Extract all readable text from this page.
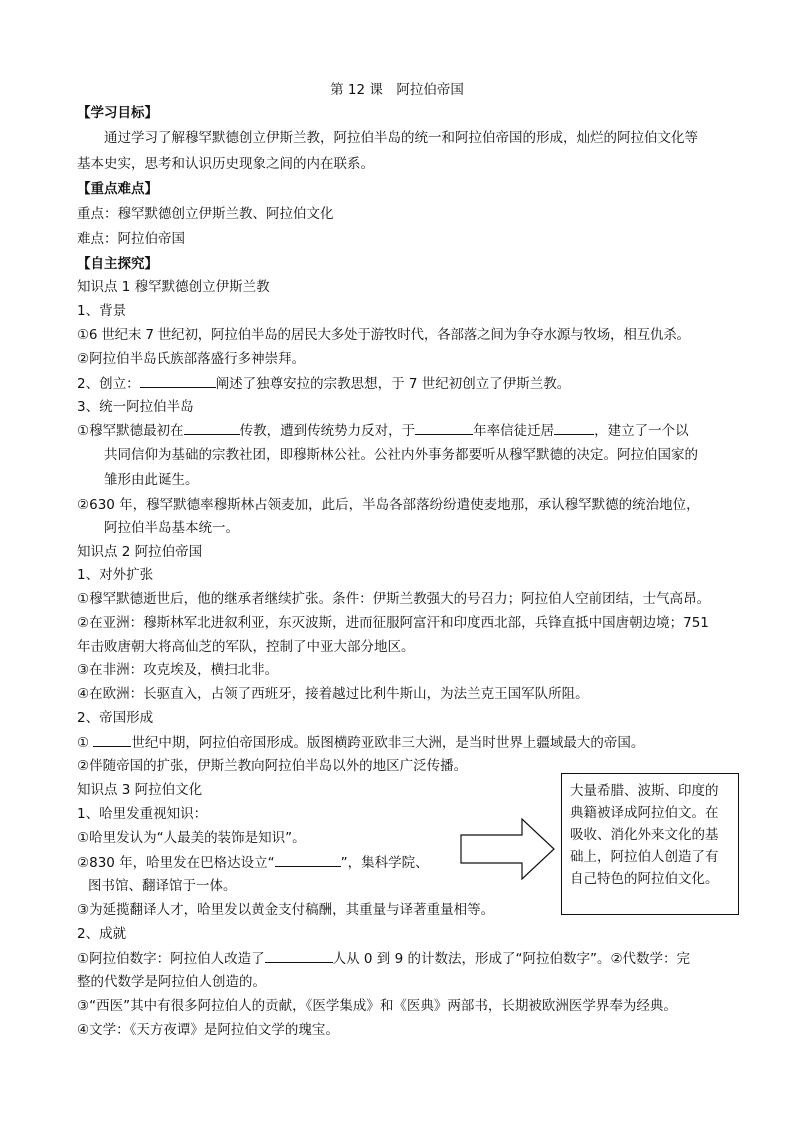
第 12 课　阿拉伯帝国
【学习目标】
通过学习了解穆罕默德创立伊斯兰教，阿拉伯半岛的统一和阿拉伯帝国的形成，灿烂的阿拉伯文化等
基本史实，思考和认识历史现象之间的内在联系。
【重点难点】
重点：穆罕默德创立伊斯兰教、阿拉伯文化
难点：阿拉伯帝国
【自主探究】
知识点 1 穆罕默德创立伊斯兰教
1、背景
①6 世纪末 7 世纪初，阿拉伯半岛的居民大多处于游牧时代，各部落之间为争夺水源与牧场，相互仇杀。
②阿拉伯半岛氏族部落盛行多神崇拜。
2、创立：	阐述了独尊安拉的宗教思想，于 7 世纪初创立了伊斯兰教。
3、统一阿拉伯半岛
①穆罕默德最初在	传教，遭到传统势力反对，于	年率信徒迁居	，建立了一个以
共同信仰为基础的宗教社团，即穆斯林公社。公社内外事务都要听从穆罕默德的决定。阿拉伯国家的
雏形由此诞生。
②630 年，穆罕默德率穆斯林占领麦加，此后，半岛各部落纷纷遣使麦地那，承认穆罕默德的统治地位，
阿拉伯半岛基本统一。
知识点 2 阿拉伯帝国
1、对外扩张
①穆罕默德逝世后，他的继承者继续扩张。条件：伊斯兰教强大的号召力；阿拉伯人空前团结，士气高昂。
②在亚洲：穆斯林军北进叙利亚，东灭波斯，进而征服阿富汗和印度西北部，兵锋直抵中国唐朝边境；751
年击败唐朝大将高仙芝的军队，控制了中亚大部分地区。
③在非洲：攻克埃及，横扫北非。
④在欧洲：长驱直入，占领了西班牙，接着越过比利牛斯山，为法兰克王国军队所阻。
2、帝国形成
①	世纪中期，阿拉伯帝国形成。版图横跨亚欧非三大洲，是当时世界上疆域最大的帝国。
②伴随帝国的扩张，伊斯兰教向阿拉伯半岛以外的地区广泛传播。
知识点 3 阿拉伯文化
1、哈里发重视知识：
①哈里发认为“人最美的装饰是知识”。
②830 年，哈里发在巴格达设立“	”，集科学院、
图书馆、翻译馆于一体。
③为延揽翻译人才，哈里发以黄金支付稿酬，其重量与译著重量相等。
2、成就
①阿拉伯数字：阿拉伯人改造了	人从 0 到 9 的计数法，形成了“阿拉伯数字”。②代数学：完
整的代数学是阿拉伯人创造的。
③“西医”其中有很多阿拉伯人的贡献，《医学集成》和《医典》两部书，长期被欧洲医学界奉为经典。
④文学：《天方夜谭》是阿拉伯文学的瑰宝。
大量希腊、波斯、印度的典籍被译成阿拉伯文。在吸收、消化外来文化的基础上，阿拉伯人创造了有自己特色的阿拉伯文化。
